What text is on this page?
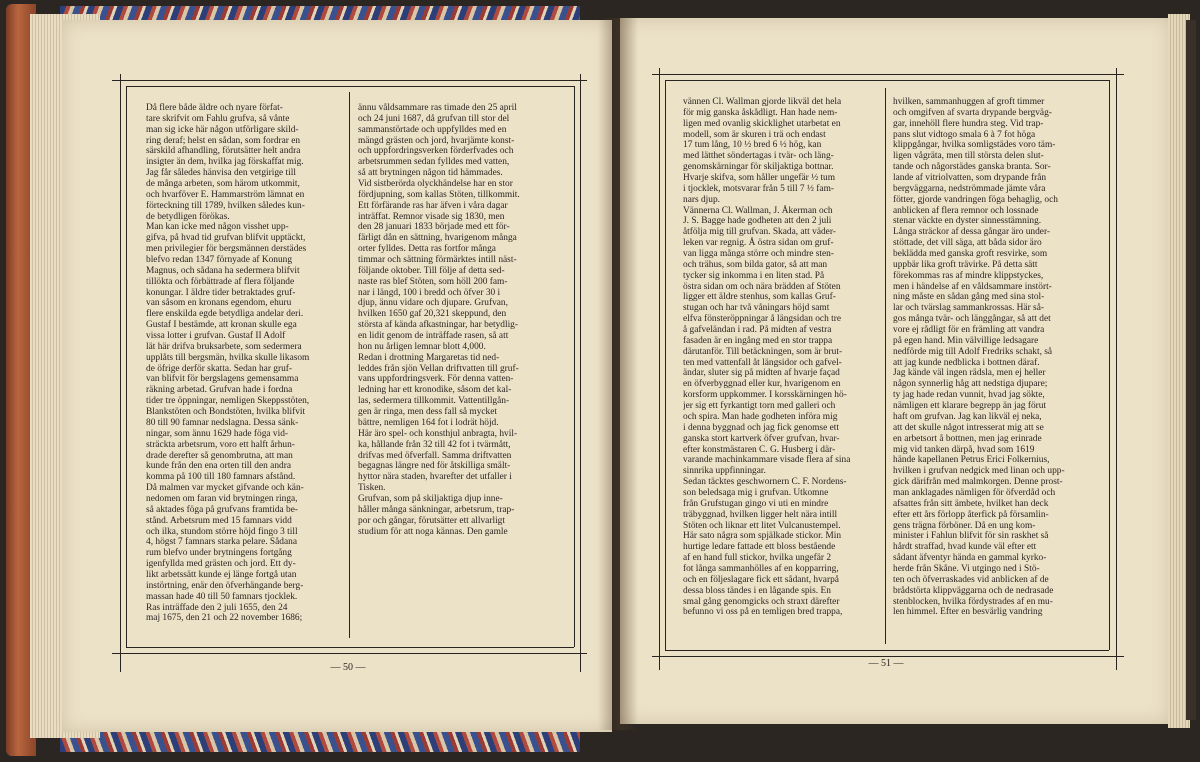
Då flere både äldre och nyare förfat-
tare skrifvit om Fahlu grufva, så vånte
man sig icke här någon utförligare skild-
ring deraf; helst en sådan, som fordrar en
särskild afhandling, förutsätter helt andra
insigter än dem, hvilka jag förskaffat mig.
Jag får således hänvisa den vetgirige till
de många arbeten, som härom utkommit,
och hvarföver E. Hammarström lämnat en
förteckning till 1789, hvilken således kun-
de betydligen förökas.
Man kan icke med någon visshet upp-
gifva, på hvad tid grufvan blifvit upptäckt,
men privilegier för bergsmännen derstädes
blefvo redan 1347 förnyade af Konung
Magnus, och sådana ha sedermera blifvit
tillökta och förbättrade af flera följande
konungar. I äldre tider betraktades gruf-
van såsom en kronans egendom, ehuru
flere enskilda egde betydliga andelar deri.
Gustaf I bestämde, att kronan skulle ega
vissa lotter i grufvan. Gustaf II Adolf
lät här drifva bruksarbete, som sedermera
upplåts till bergsmän, hvilka skulle likasom
de öfrige derför skatta. Sedan har gruf-
van blifvit för bergslagens gemensamma
räkning arbetad. Grufvan hade i fordna
tider tre öppningar, nemligen Skeppsstöten,
Blankstöten och Bondstöten, hvilka blifvit
80 till 90 famnar nedslagna. Dessa sänk-
ningar, som ännu 1629 hade föga vid-
sträckta arbetsrum, voro ett halft århun-
drade derefter så genombrutna, att man
kunde från den ena orten till den andra
komma på 100 till 180 famnars afstånd.
Då malmen var mycket gifvande och kän-
nedomen om faran vid brytningen ringa,
så aktades föga på grufvans framtida be-
stånd. Arbetsrum med 15 famnars vidd
och ilka, stundom större höjd fingo 3 till
4, högst 7 famnars starka pelare. Sådana
rum blefvo under brytningens fortgång
igenfyllda med grästen och jord. Ett dy-
likt arbetssätt kunde ej länge fortgå utan
instörtning, enär den öfverhängande berg-
massan hade 40 till 50 famnars tjocklek.
Ras inträffade den 2 juli 1655, den 24
maj 1675, den 21 och 22 november 1686;
ännu våldsammare ras timade den 25 april
och 24 juni 1687, då grufvan till stor del
sammanstörtade och uppfylldes med en
mängd grästen och jord, hvarjämte konst-
och uppfordringsverken förderfvades och
arbetsrummen sedan fylldes med vatten,
så att brytningen någon tid hämmades.
Vid sistberörda olyckhändelse har en stor
fördjupning, som kallas Stöten, tillkommit.
Ett förfärande ras har äfven i våra dagar
inträffat. Remnor visade sig 1830, men
den 28 januari 1833 började med ett för-
färligt dån en sättning, hvarigenom många
orter fylldes. Detta ras fortfor många
timmar och sättning förmärktes intill näst-
följande oktober. Till följe af detta sed-
naste ras blef Stöten, som höll 200 fam-
nar i längd, 100 i bredd och öfver 30 i
djup, ännu vidare och djupare. Grufvan,
hvilken 1650 gaf 20,321 skeppund, den
största af kända afkastningar, har betydlig-
en lidit genom de inträffade rasen, så att
hon nu årligen lemnar blott 4,000.
Redan i drottning Margaretas tid ned-
leddes från sjön Vellan driftvatten till gruf-
vans uppfordringsverk. För denna vatten-
ledning har ett kronodike, såsom det kal-
las, sedermera tillkommit. Vattentillgån-
gen är ringa, men dess fall så mycket
bättre, nemligen 164 fot i lodrät höjd.
Här äro spel- och konsthjul anbragta, hvil-
ka, hållande från 32 till 42 fot i tvärmått,
drifvas med öfverfall. Samma driftvatten
begagnas längre ned för åtskilliga smält-
hyttor nära staden, hvarefter det utfaller i
Tisken.
Grufvan, som på skiljaktiga djup inne-
håller många sänkningar, arbetsrum, trap-
por och gångar, förutsätter ett allvarligt
studium för att noga kännas. Den gamle
— 50 —
vännen Cl. Wallman gjorde likväl det hela
för mig ganska åskådligt. Han hade nem-
ligen med ovanlig skicklighet utarbetat en
modell, som är skuren i trä och endast
17 tum lång, 10 ½ bred 6 ½ hög, kan
med lätthet söndertagas i tvär- och läng-
genomskärningar för skiljaktiga bottnar.
Hvarje skifva, som håller ungefär ½ tum
i tjocklek, motsvarar från 5 till 7 ½ fam-
nars djup.
Vännerna Cl. Wallman, J. Åkerman och
J. S. Bagge hade godheten att den 2 juli
åtfölja mig till grufvan. Skada, att väder-
leken var regnig. Å östra sidan om gruf-
van ligga många större och mindre sten-
och trähus, som bilda gator, så att man
tycker sig inkomma i en liten stad. På
östra sidan om och nära brädden af Stöten
ligger ett äldre stenhus, som kallas Gruf-
stugan och har två våningars höjd samt
elfva fönsteröppningar å längsidan och tre
å gafveländan i rad. På midten af vestra
fasaden är en ingång med en stor trappa
därutanför. Till betäckningen, som är brut-
ten med vattenfall åt längsidor och gafvel-
ändar, sluter sig på midten af hvarje façad
en öfverbyggnad eller kur, hvarigenom en
korsform uppkommer. I korsskärningen hö-
jer sig ett fyrkantigt torn med galleri och
och spira. Man hade godheten införa mig
i denna byggnad och jag fick genomse ett
ganska stort kartverk öfver grufvan, hvar-
efter konstmästaren C. G. Husberg i där-
varande machinkammare visade flera af sina
sinnrika uppfinningar.
Sedan täcktes geschwornern C. F. Nordens-
son beledsaga mig i grufvan. Utkomne
från Grufstugan gingo vi uti en mindre
träbyggnad, hvilken ligger helt nära intill
Stöten och liknar ett litet Vulcanustempel.
Här sato några som spjälkade stickor. Min
hurtige ledare fattade ett bloss bestående
af en hand full stickor, hvilka ungefär 2
fot långa sammanhölles af en kopparring,
och en följeslagare fick ett sådant, hvarpå
dessa bloss tändes i en lågande spis. En
smal gång genomgicks och straxt därefter
befunno vi oss på en temligen bred trappa,
hvilken, sammanhuggen af groft timmer
och omgifven af svarta drypande bergväg-
gar, innehöll flere hundra steg. Vid trap-
pans slut vidtogo smala 6 à 7 fot höga
klippgångar, hvilka somligstädes voro täm-
ligen vågräta, men till största delen slut-
tande och någorstädes ganska branta. Sor-
lande af vitriolvatten, som drypande från
bergväggarna, nedströmmade jämte våra
fötter, gjorde vandringen föga behaglig, och
anblicken af flera remnor och lossnade
stenar väckte en dyster sinnesstämning.
Långa sträckor af dessa gångar äro under-
stöttade, det vill säga, att båda sidor äro
beklädda med ganska groft resvirke, som
uppbär lika groft trävirke. På detta sätt
förekommas ras af mindre klippstyckes,
men i händelse af en våldsammare instört-
ning måste en sådan gång med sina stol-
lar och tvärslag sammankrossas. Här så-
gos många tvär- och länggångar, så att det
vore ej rådligt för en främling att vandra
på egen hand. Min välvillige ledsagare
nedförde mig till Adolf Fredriks schakt, så
att jag kunde nedblicka i bottnen däraf.
Jag kände väl ingen rädsla, men ej heller
någon synnerlig håg att nedstiga djupare;
ty jag hade redan vunnit, hvad jag sökte,
nämligen ett klarare begrepp än jag förut
haft om grufvan. Jag kan likväl ej neka,
att det skulle något intresserat mig att se
en arbetsort å bottnen, men jag erinrade
mig vid tanken därpå, hvad som 1619
hände kapellanen Petrus Erici Folkernius,
hvilken i grufvan nedgick med linan och upp-
gick därifrån med malmkorgen. Denne prost-
man anklagades nämligen för öfverdåd och
afsattes från sitt ämbete, hvilket han deck
efter ett års förlopp återfick på församlin-
gens trägna förböner. Då en ung kom-
minister i Fahlun blifvit för sin raskhet så
hårdt straffad, hvad kunde väl efter ett
sådant äfventyr hända en gammal kyrko-
herde från Skåne. Vi utgingo ned i Stö-
ten och öfverraskades vid anblicken af de
brådstörta klippväggarna och de nedrasade
stenblocken, hvilka fördystrades af en mu-
len himmel. Efter en besvärlig vandring
— 51 —
